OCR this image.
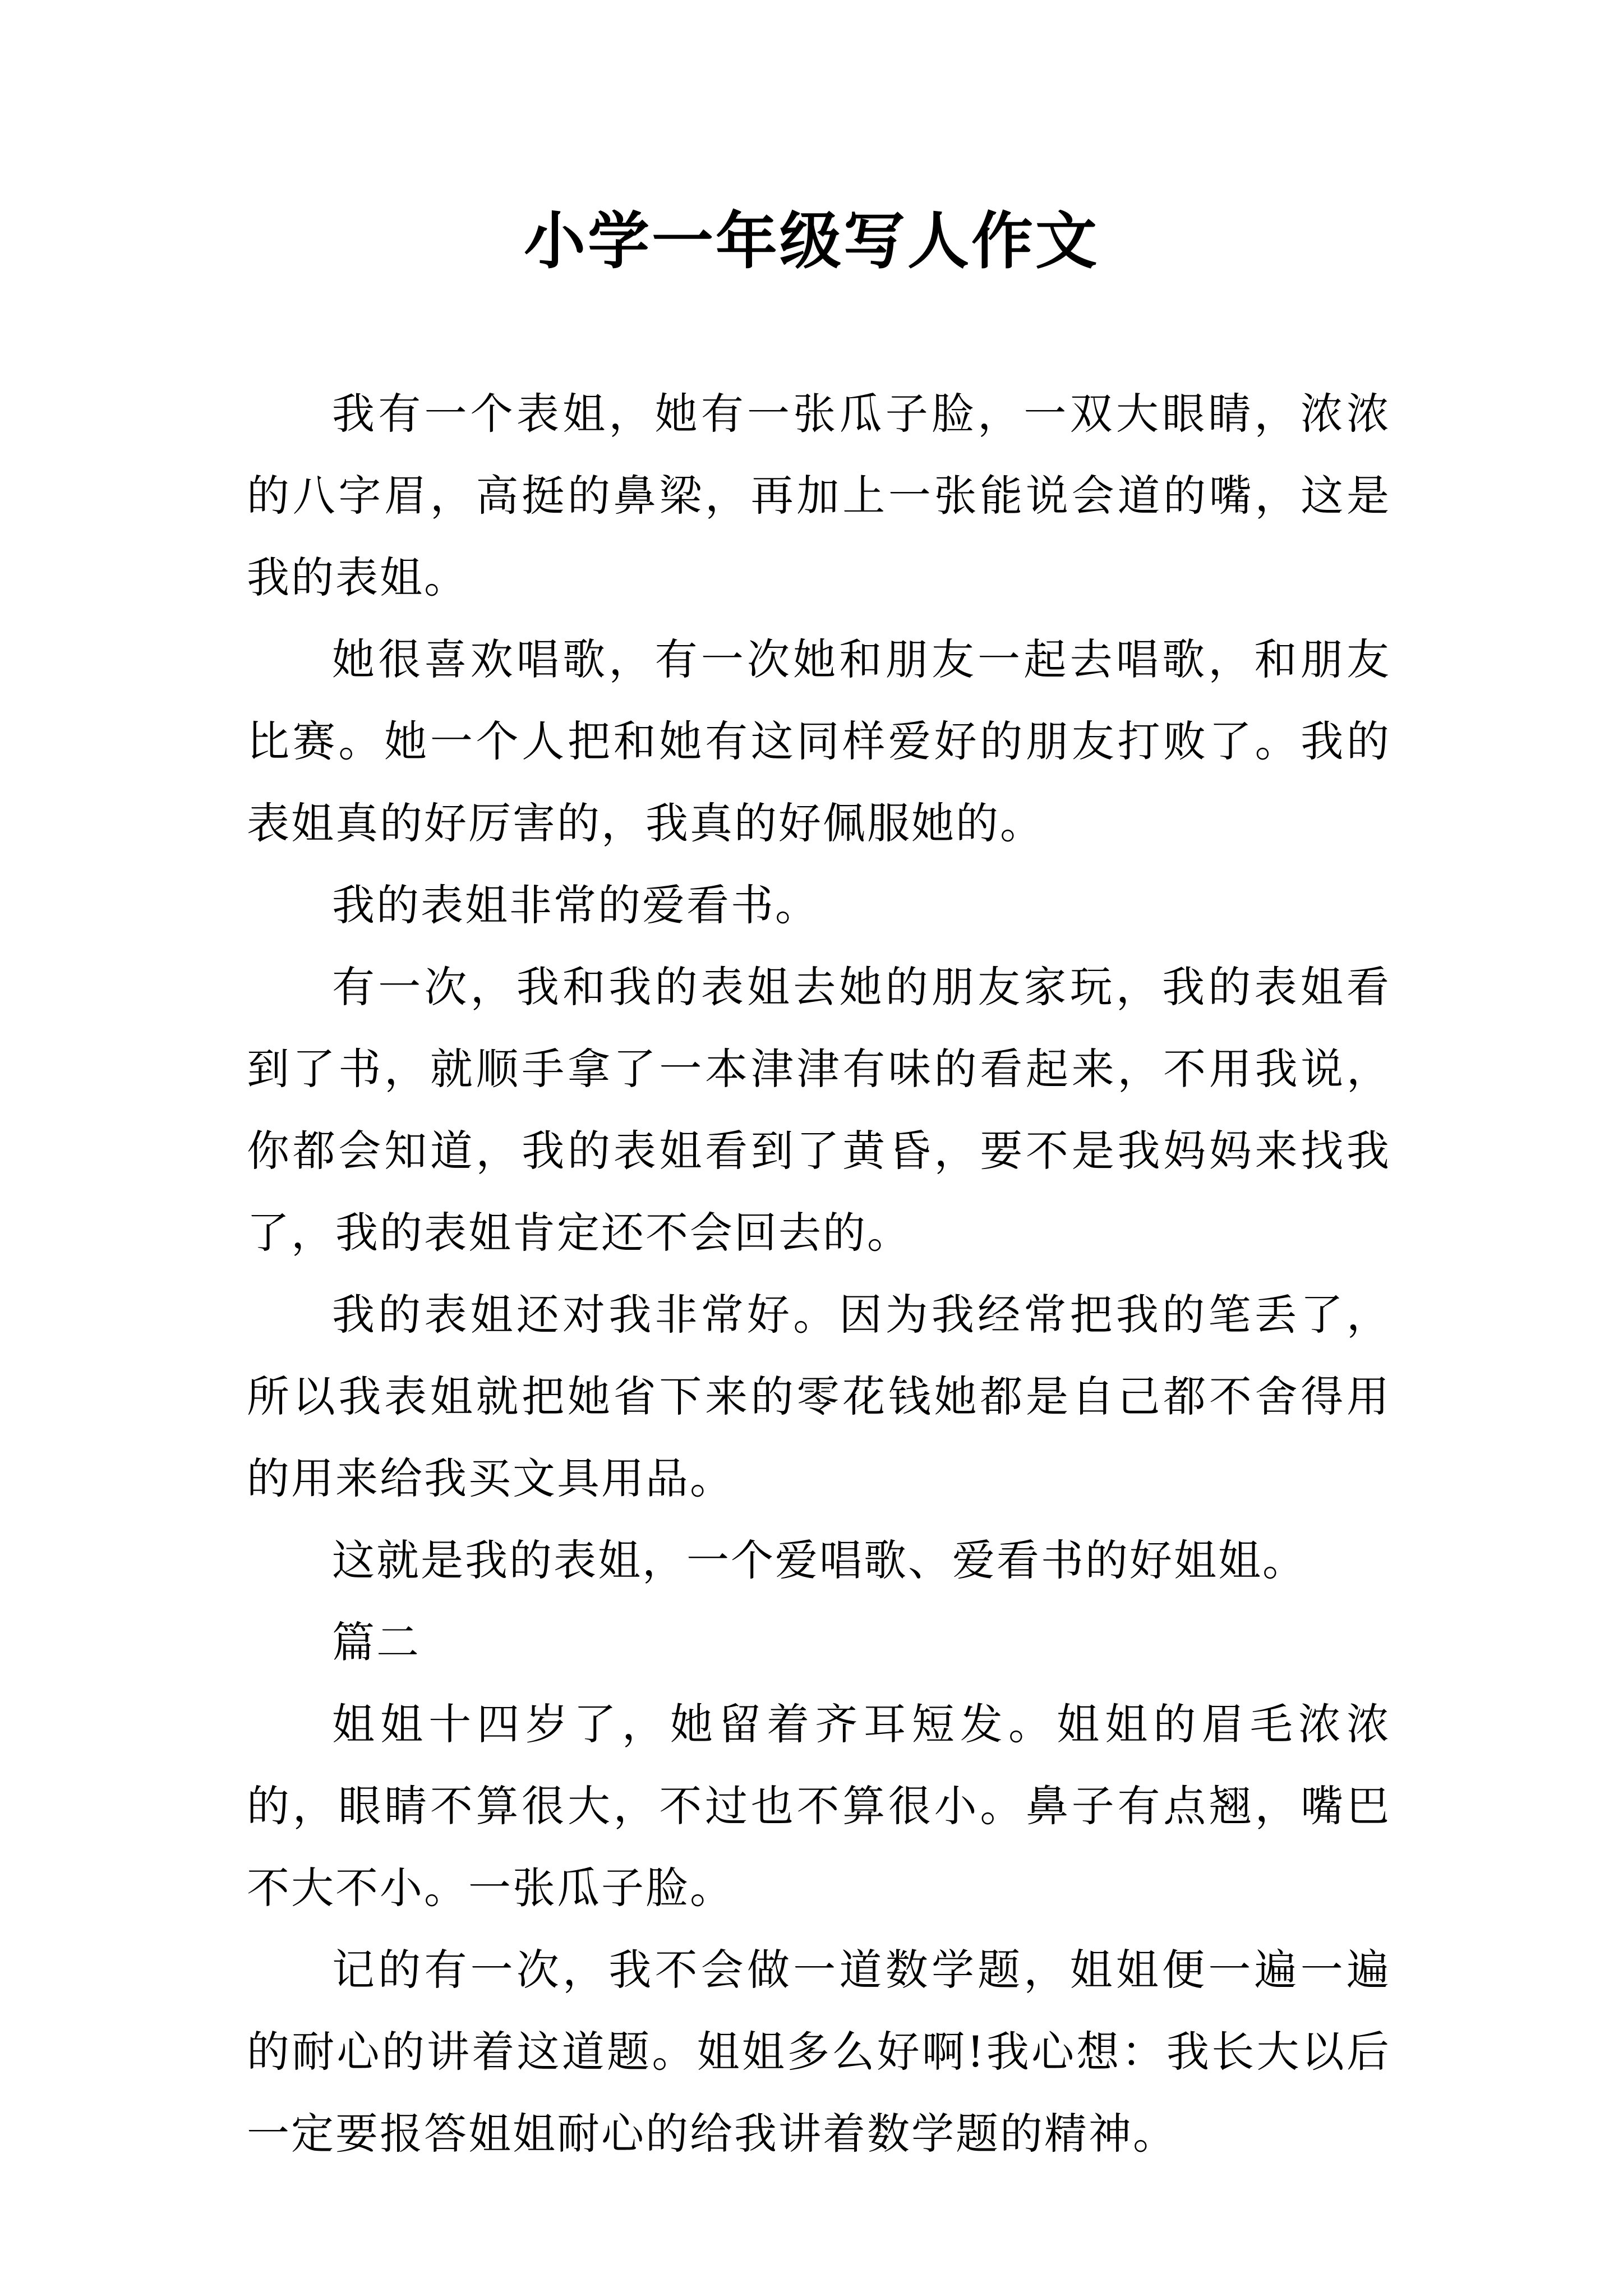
小学一年级写人作文

我有一个表姐，她有一张瓜子脸，一双大眼睛，浓浓的八字眉，高挺的鼻梁，再加上一张能说会道的嘴，这是我的表姐。

她很喜欢唱歌，有一次她和朋友一起去唱歌，和朋友比赛。她一个人把和她有这同样爱好的朋友打败了。我的表姐真的好厉害的，我真的好佩服她的。

我的表姐非常的爱看书。

有一次，我和我的表姐去她的朋友家玩，我的表姐看到了书，就顺手拿了一本津津有味的看起来，不用我说，你都会知道，我的表姐看到了黄昏，要不是我妈妈来找我了，我的表姐肯定还不会回去的。

我的表姐还对我非常好。因为我经常把我的笔丢了，所以我表姐就把她省下来的零花钱她都是自己都不舍得用的用来给我买文具用品。

这就是我的表姐，一个爱唱歌、爱看书的好姐姐。

篇二

姐姐十四岁了，她留着齐耳短发。姐姐的眉毛浓浓的，眼睛不算很大，不过也不算很小。鼻子有点翘，嘴巴不大不小。一张瓜子脸。

记的有一次，我不会做一道数学题，姐姐便一遍一遍的耐心的讲着这道题。姐姐多么好啊!我心想：我长大以后一定要报答姐姐耐心的给我讲着数学题的精神。
